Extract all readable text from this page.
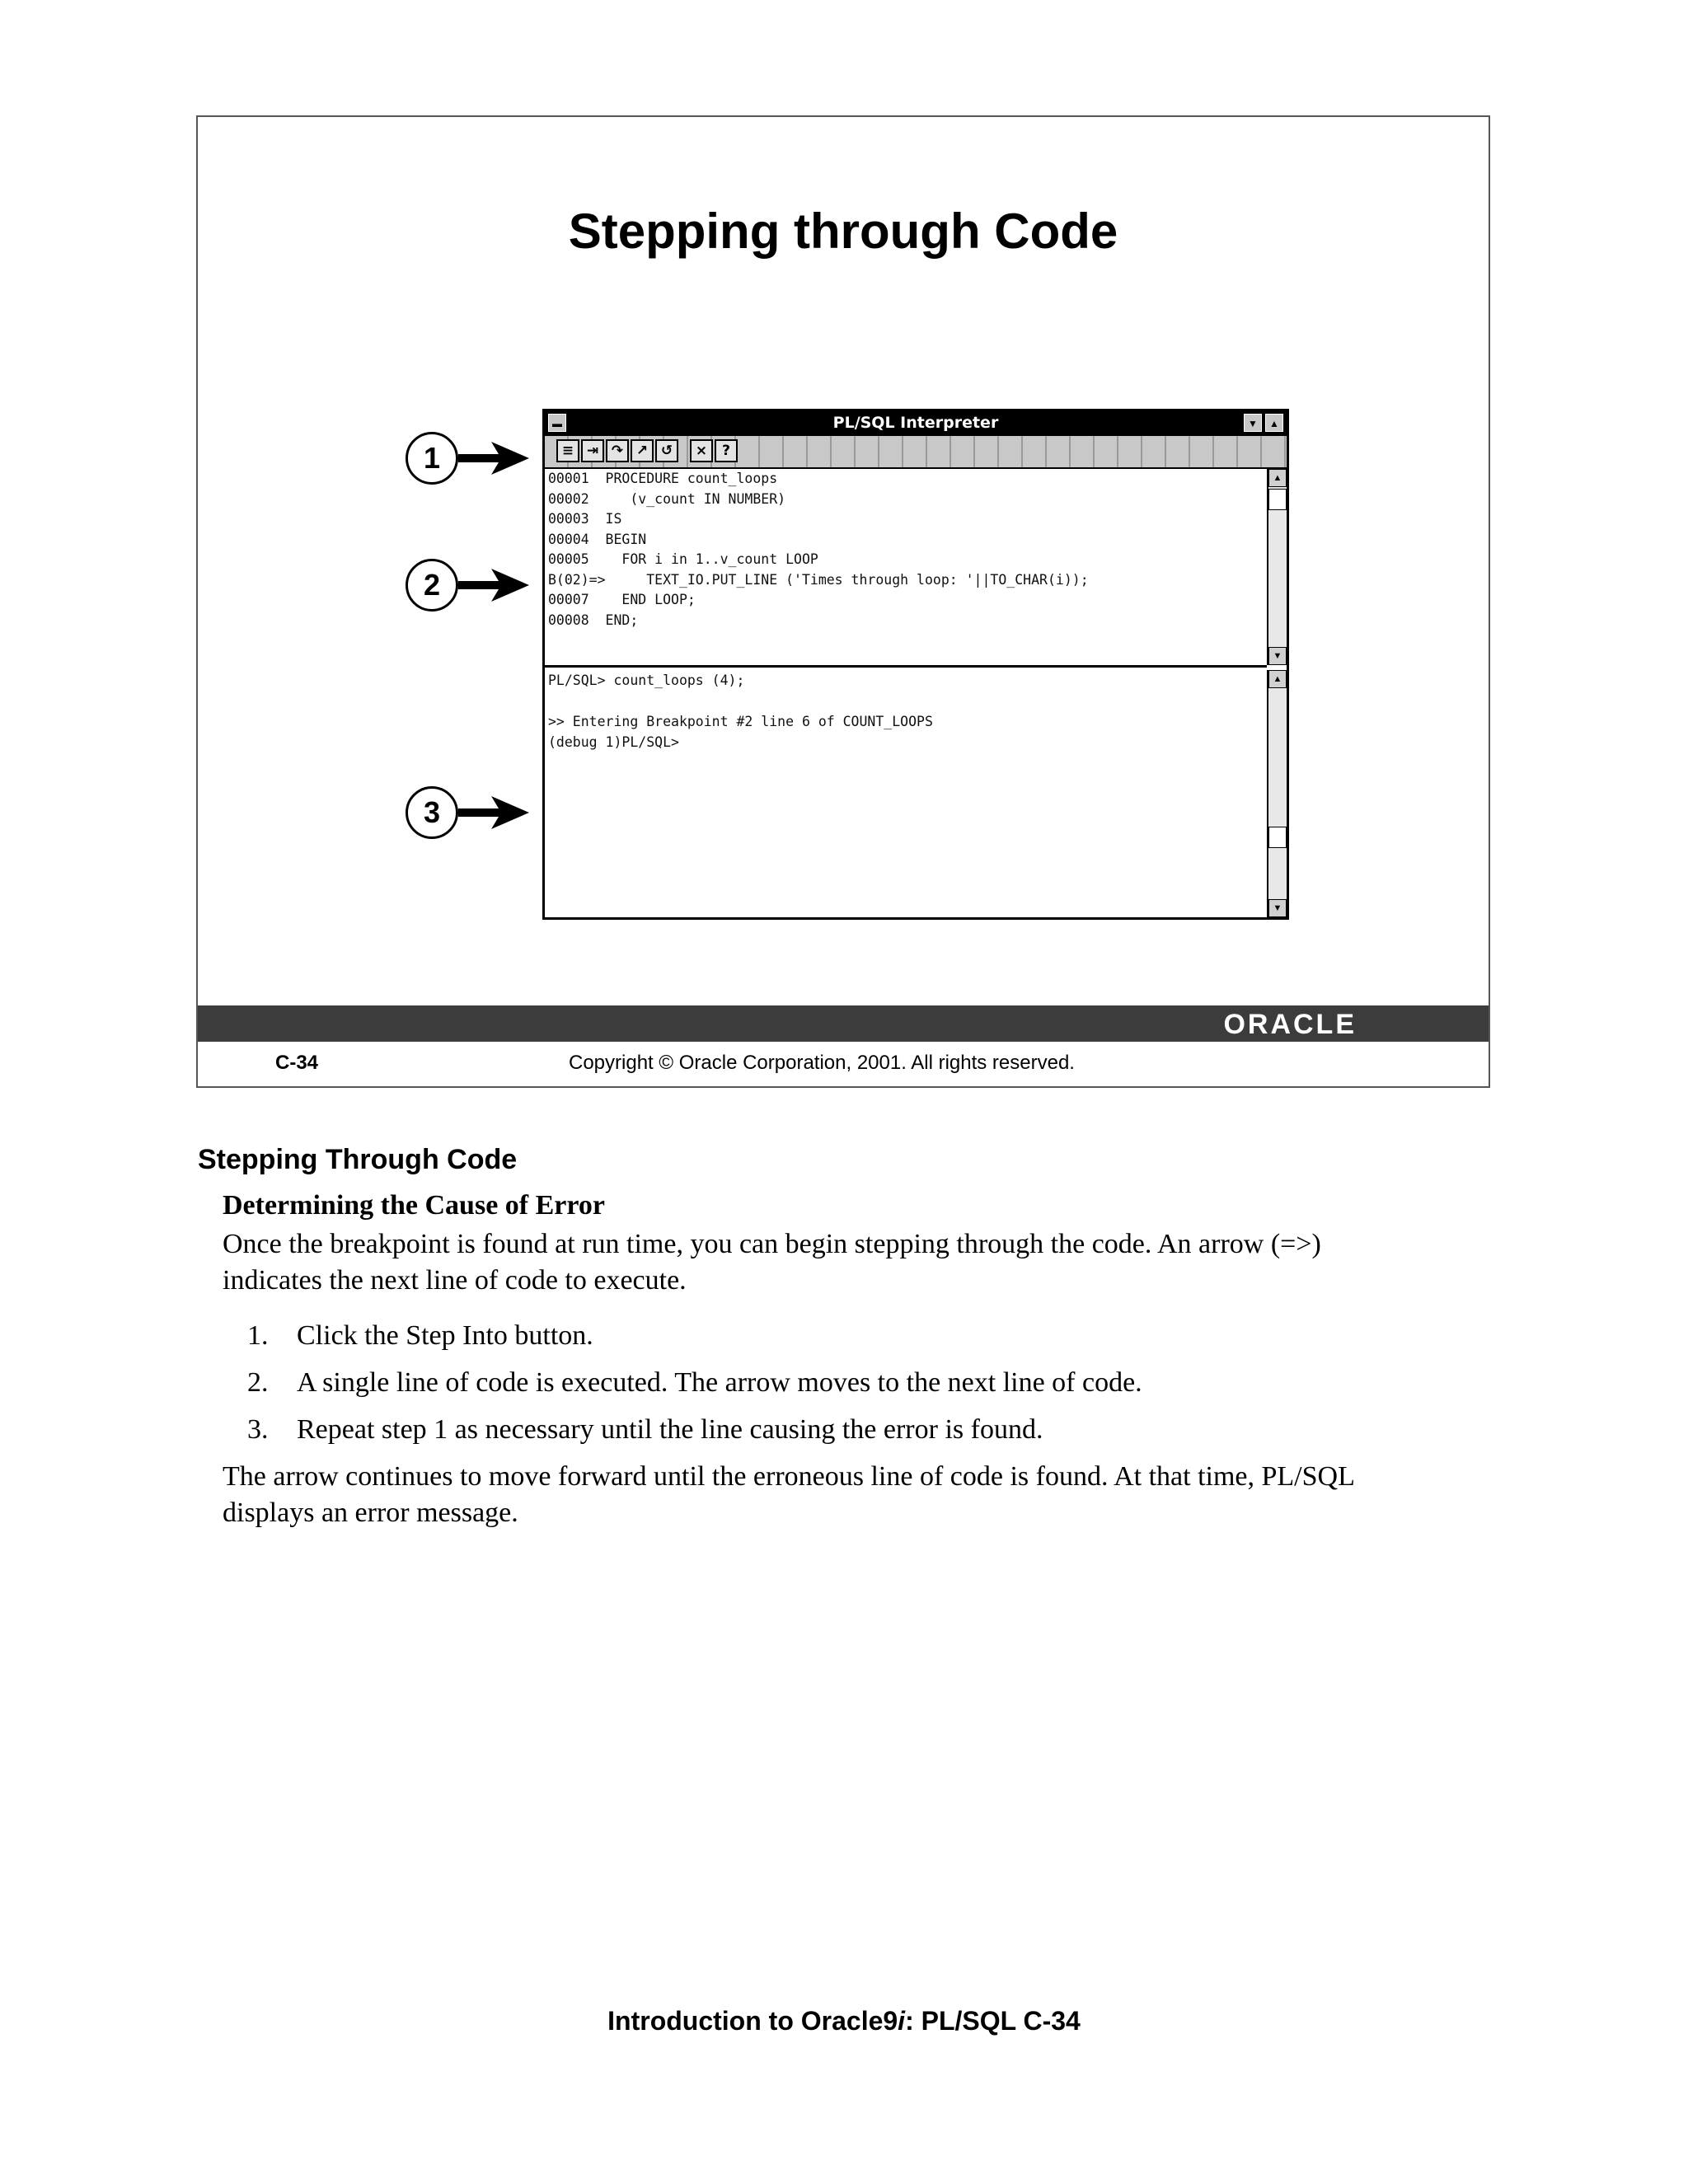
Stepping through Code
1
2
3
▬	PL/SQL Interpreter	▼	▲
≡ ⇥ ↷ ↗ ↺	×	?
00001  PROCEDURE count_loops
00002     (v_count IN NUMBER)
00003  IS
00004  BEGIN
00005    FOR i in 1..v_count LOOP
B(02)=>     TEXT_IO.PUT_LINE ('Times through loop: '||TO_CHAR(i));
00007    END LOOP;
00008  END;
▲
▼
PL/SQL> count_loops (4);
>> Entering Breakpoint #2 line 6 of COUNT_LOOPS
(debug 1)PL/SQL>
▲
▼
ORACLE
C-34	Copyright © Oracle Corporation, 2001. All rights reserved.
Stepping Through Code
Determining the Cause of Error
Once the breakpoint is found at run time, you can begin stepping through the code. An arrow (=>)
indicates the next line of code to execute.
1.	Click the Step Into button.
2.	A single line of code is executed. The arrow moves to the next line of code.
3.	Repeat step 1 as necessary until the line causing the error is found.
The arrow continues to move forward until the erroneous line of code is found. At that time, PL/SQL
displays an error message.
Introduction to Oracle9i: PL/SQL C-34
